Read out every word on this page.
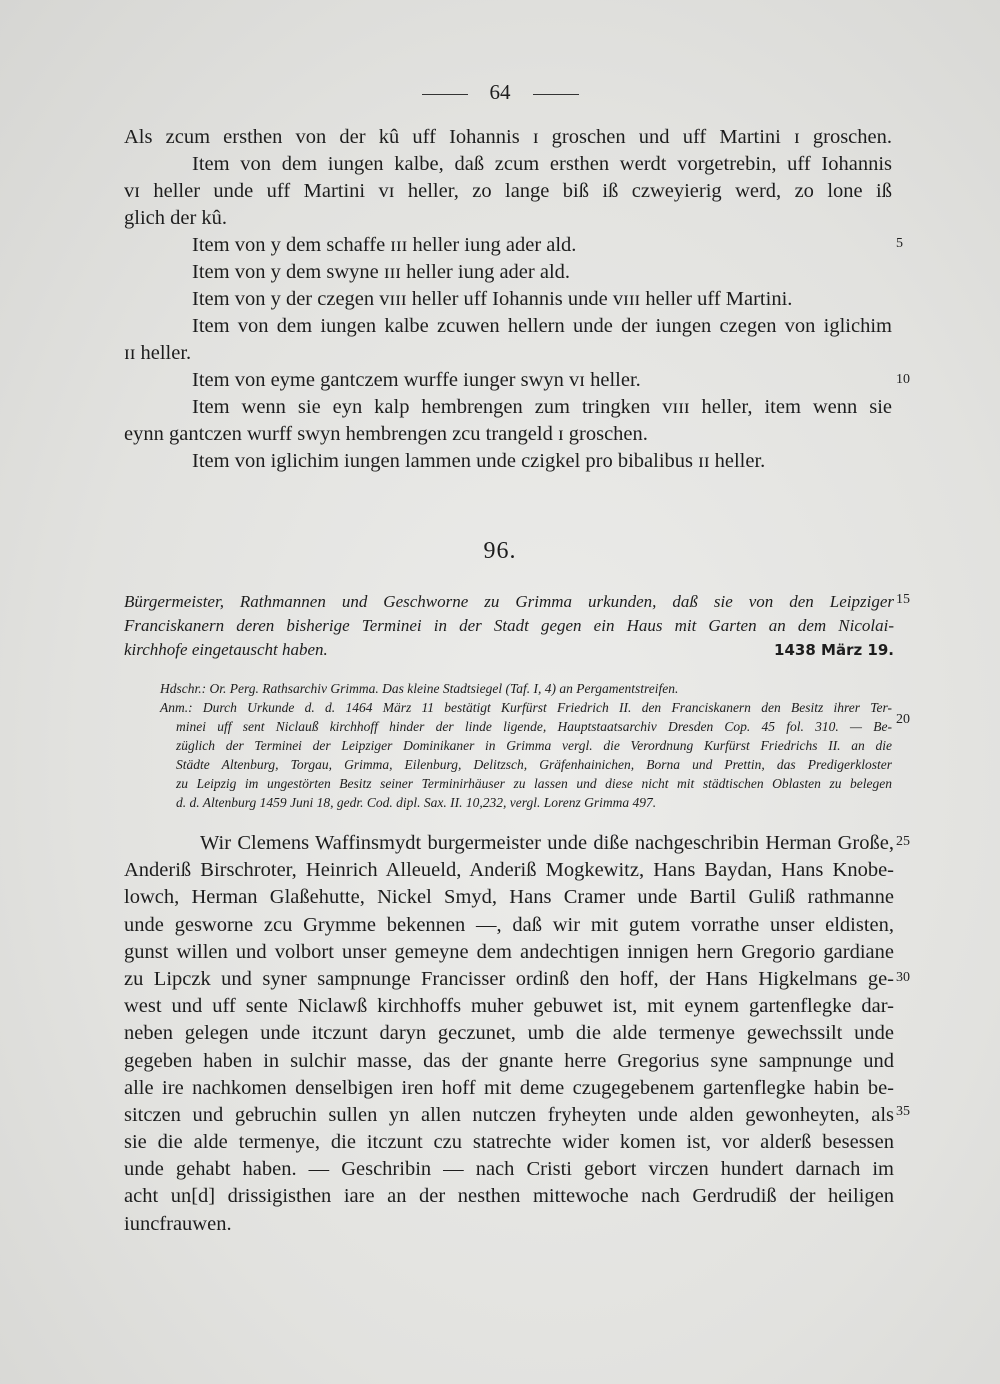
64
Als zcum ersthen von der kû uff Iohannis ɪ groschen und uff Martini ɪ groschen.
Item von dem iungen kalbe, daß zcum ersthen werdt vorgetrebin, uff Iohannis
vɪ heller unde uff Martini vɪ heller, zo lange biß iß czweyierig werd, zo lone iß
glich der kû.
Item von y dem schaffe ɪɪɪ heller iung ader ald.
Item von y dem swyne ɪɪɪ heller iung ader ald.
Item von y der czegen vɪɪɪ heller uff Iohannis unde vɪɪɪ heller uff Martini.
Item von dem iungen kalbe zcuwen hellern unde der iungen czegen von iglichim
ɪɪ heller.
Item von eyme gantczem wurffe iunger swyn vɪ heller.
Item wenn sie eyn kalp hembrengen zum tringken vɪɪɪ heller, item wenn sie
eynn gantczen wurff swyn hembrengen zcu trangeld ɪ groschen.
Item von iglichim iungen lammen unde czigkel pro bibalibus ɪɪ heller.
5
10
15
20
25
30
35
96.
Bürgermeister, Rathmannen und Geschworne zu Grimma urkunden, daß sie von den Leipziger
Franciskanern deren bisherige Terminei in der Stadt gegen ein Haus mit Garten an dem Nicolai-
kirchhofe eingetauscht haben.	1438 März 19.
Hdschr.: Or. Perg. Rathsarchiv Grimma. Das kleine Stadtsiegel (Taf. I, 4) an Pergamentstreifen.
Anm.: Durch Urkunde d. d. 1464 März 11 bestätigt Kurfürst Friedrich II. den Franciskanern den Besitz ihrer Ter-
minei uff sent Niclauß kirchhoff hinder der linde ligende, Hauptstaatsarchiv Dresden Cop. 45 fol. 310. — Be-
züglich der Terminei der Leipziger Dominikaner in Grimma vergl. die Verordnung Kurfürst Friedrichs II. an die
Städte Altenburg, Torgau, Grimma, Eilenburg, Delitzsch, Gräfenhainichen, Borna und Prettin, das Predigerkloster
zu Leipzig im ungestörten Besitz seiner Terminirhäuser zu lassen und diese nicht mit städtischen Oblasten zu belegen
d. d. Altenburg 1459 Juni 18, gedr. Cod. dipl. Sax. II. 10,232, vergl. Lorenz Grimma 497.
Wir Clemens Waffinsmydt burgermeister unde diße nachgeschribin Herman Große,
Anderiß Birschroter, Heinrich Alleueld, Anderiß Mogkewitz, Hans Baydan, Hans Knobe-
lowch, Herman Glaßehutte, Nickel Smyd, Hans Cramer unde Bartil Guliß rathmanne
unde gesworne zcu Grymme bekennen —, daß wir mit gutem vorrathe unser eldisten,
gunst willen und volbort unser gemeyne dem andechtigen innigen hern Gregorio gardiane
zu Lipczk und syner sampnunge Francisser ordinß den hoff, der Hans Higkelmans ge-
west und uff sente Niclawß kirchhoffs muher gebuwet ist, mit eynem gartenflegke dar-
neben gelegen unde itczunt daryn geczunet, umb die alde termenye gewechssilt unde
gegeben haben in sulchir masse, das der gnante herre Gregorius syne sampnunge und
alle ire nachkomen denselbigen iren hoff mit deme czugegebenem gartenflegke habin be-
sitczen und gebruchin sullen yn allen nutczen fryheyten unde alden gewonheyten, als
sie die alde termenye, die itczunt czu statrechte wider komen ist, vor alderß besessen
unde gehabt haben. — Geschribin — nach Cristi gebort virczen hundert darnach im
acht un[d] drissigisthen iare an der nesthen mittewoche nach Gerdrudiß der heiligen
iuncfrauwen.
